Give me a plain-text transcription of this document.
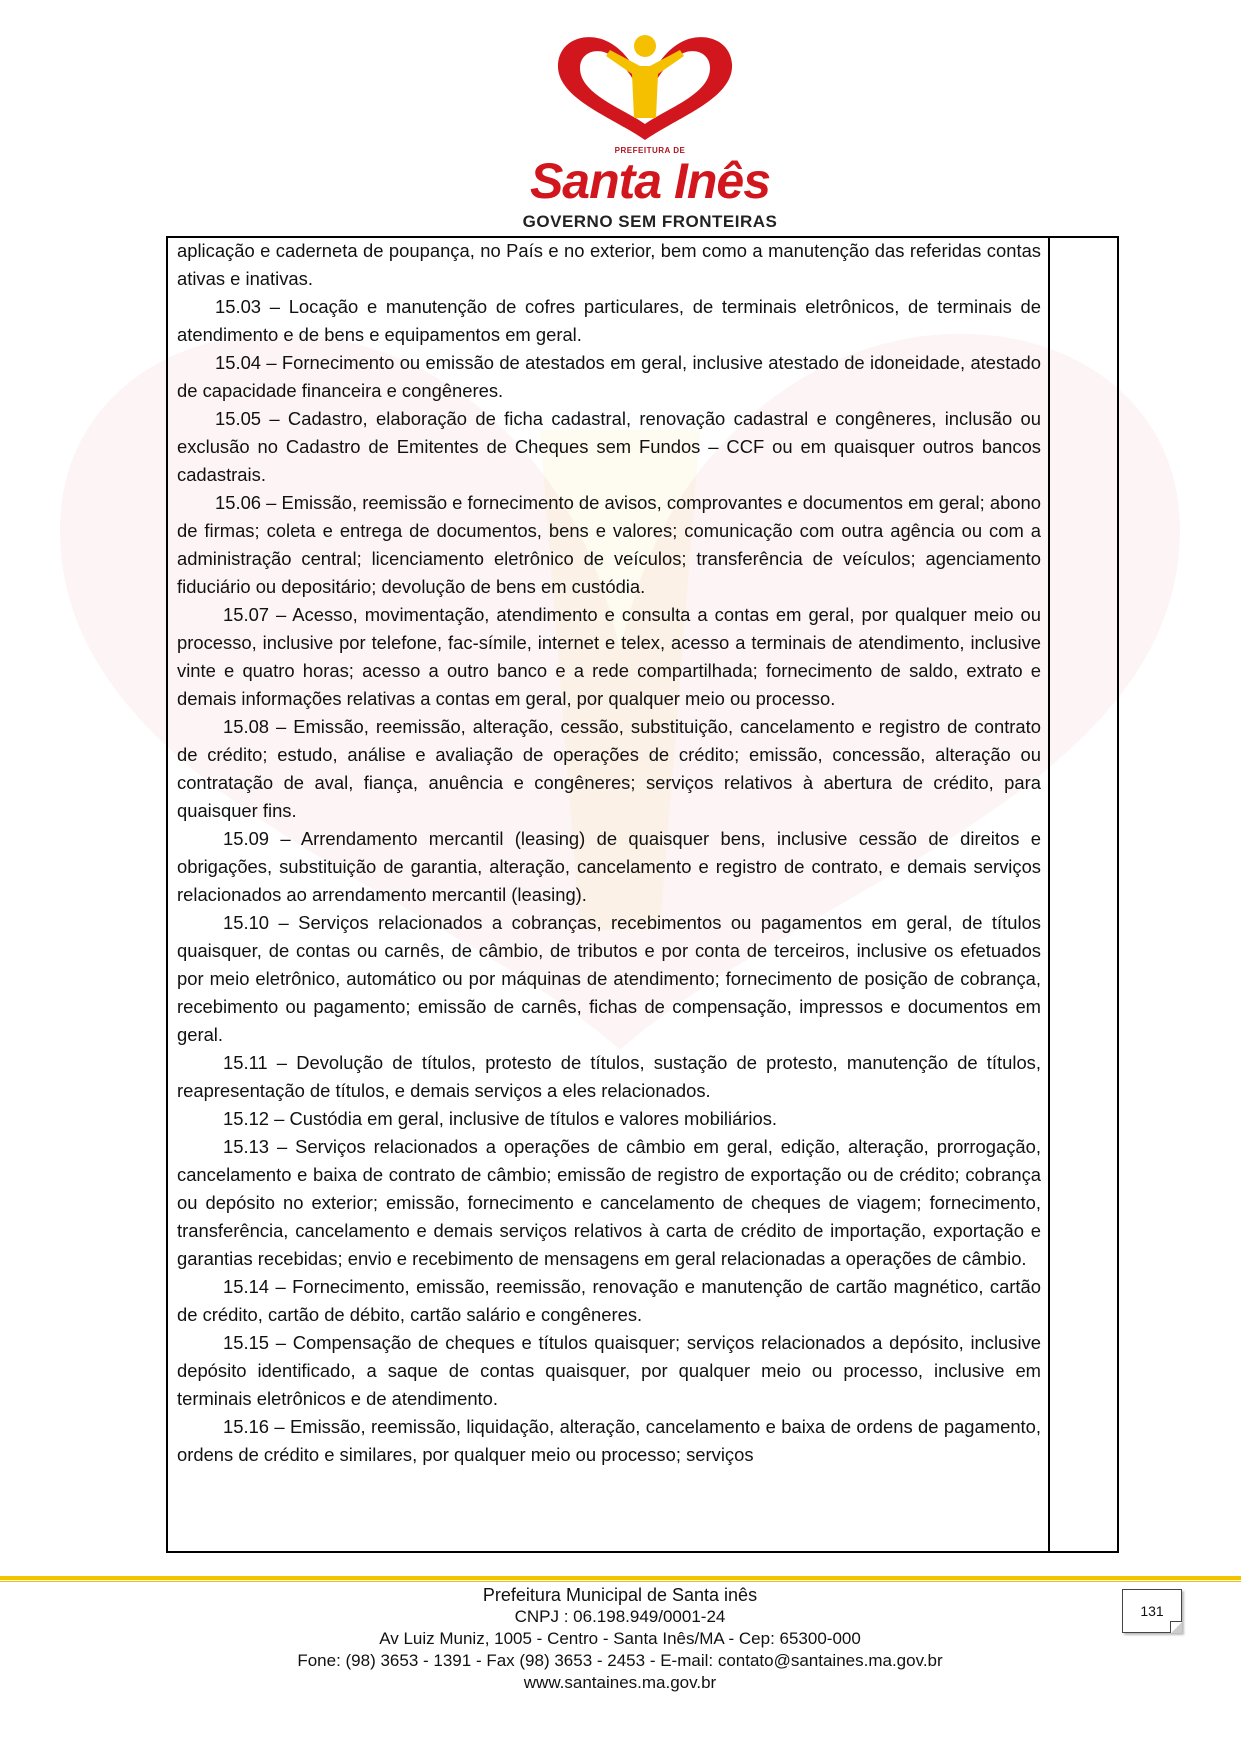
PREFEITURA DE
Santa Inês
GOVERNO SEM FRONTEIRAS

aplicação e caderneta de poupança, no País e no exterior, bem como a manutenção das referidas contas ativas e inativas.

15.03 – Locação e manutenção de cofres particulares, de terminais eletrônicos, de terminais de atendimento e de bens e equipamentos em geral.

15.04 – Fornecimento ou emissão de atestados em geral, inclusive atestado de idoneidade, atestado de capacidade financeira e congêneres.

15.05 – Cadastro, elaboração de ficha cadastral, renovação cadastral e congêneres, inclusão ou exclusão no Cadastro de Emitentes de Cheques sem Fundos – CCF ou em quaisquer outros bancos cadastrais.

15.06 – Emissão, reemissão e fornecimento de avisos, comprovantes e documentos em geral; abono de firmas; coleta e entrega de documentos, bens e valores; comunicação com outra agência ou com a administração central; licenciamento eletrônico de veículos; transferência de veículos; agenciamento fiduciário ou depositário; devolução de bens em custódia.

15.07 – Acesso, movimentação, atendimento e consulta a contas em geral, por qualquer meio ou processo, inclusive por telefone, fac-símile, internet e telex, acesso a terminais de atendimento, inclusive vinte e quatro horas; acesso a outro banco e a rede compartilhada; fornecimento de saldo, extrato e demais informações relativas a contas em geral, por qualquer meio ou processo.

15.08 – Emissão, reemissão, alteração, cessão, substituição, cancelamento e registro de contrato de crédito; estudo, análise e avaliação de operações de crédito; emissão, concessão, alteração ou contratação de aval, fiança, anuência e congêneres; serviços relativos à abertura de crédito, para quaisquer fins.

15.09 – Arrendamento mercantil (leasing) de quaisquer bens, inclusive cessão de direitos e obrigações, substituição de garantia, alteração, cancelamento e registro de contrato, e demais serviços relacionados ao arrendamento mercantil (leasing).

15.10 – Serviços relacionados a cobranças, recebimentos ou pagamentos em geral, de títulos quaisquer, de contas ou carnês, de câmbio, de tributos e por conta de terceiros, inclusive os efetuados por meio eletrônico, automático ou por máquinas de atendimento; fornecimento de posição de cobrança, recebimento ou pagamento; emissão de carnês, fichas de compensação, impressos e documentos em geral.

15.11 – Devolução de títulos, protesto de títulos, sustação de protesto, manutenção de títulos, reapresentação de títulos, e demais serviços a eles relacionados.

15.12 – Custódia em geral, inclusive de títulos e valores mobiliários.

15.13 – Serviços relacionados a operações de câmbio em geral, edição, alteração, prorrogação, cancelamento e baixa de contrato de câmbio; emissão de registro de exportação ou de crédito; cobrança ou depósito no exterior; emissão, fornecimento e cancelamento de cheques de viagem; fornecimento, transferência, cancelamento e demais serviços relativos à carta de crédito de importação, exportação e garantias recebidas; envio e recebimento de mensagens em geral relacionadas a operações de câmbio.

15.14 – Fornecimento, emissão, reemissão, renovação e manutenção de cartão magnético, cartão de crédito, cartão de débito, cartão salário e congêneres.

15.15 – Compensação de cheques e títulos quaisquer; serviços relacionados a depósito, inclusive depósito identificado, a saque de contas quaisquer, por qualquer meio ou processo, inclusive em terminais eletrônicos e de atendimento.

15.16 – Emissão, reemissão, liquidação, alteração, cancelamento e baixa de ordens de pagamento, ordens de crédito e similares, por qualquer meio ou processo; serviços

Prefeitura Municipal de Santa inês
CNPJ : 06.198.949/0001-24
Av Luiz Muniz, 1005 - Centro - Santa Inês/MA - Cep: 65300-000
Fone: (98) 3653 - 1391 - Fax (98) 3653 - 2453 - E-mail: contato@santaines.ma.gov.br
www.santaines.ma.gov.br
131
